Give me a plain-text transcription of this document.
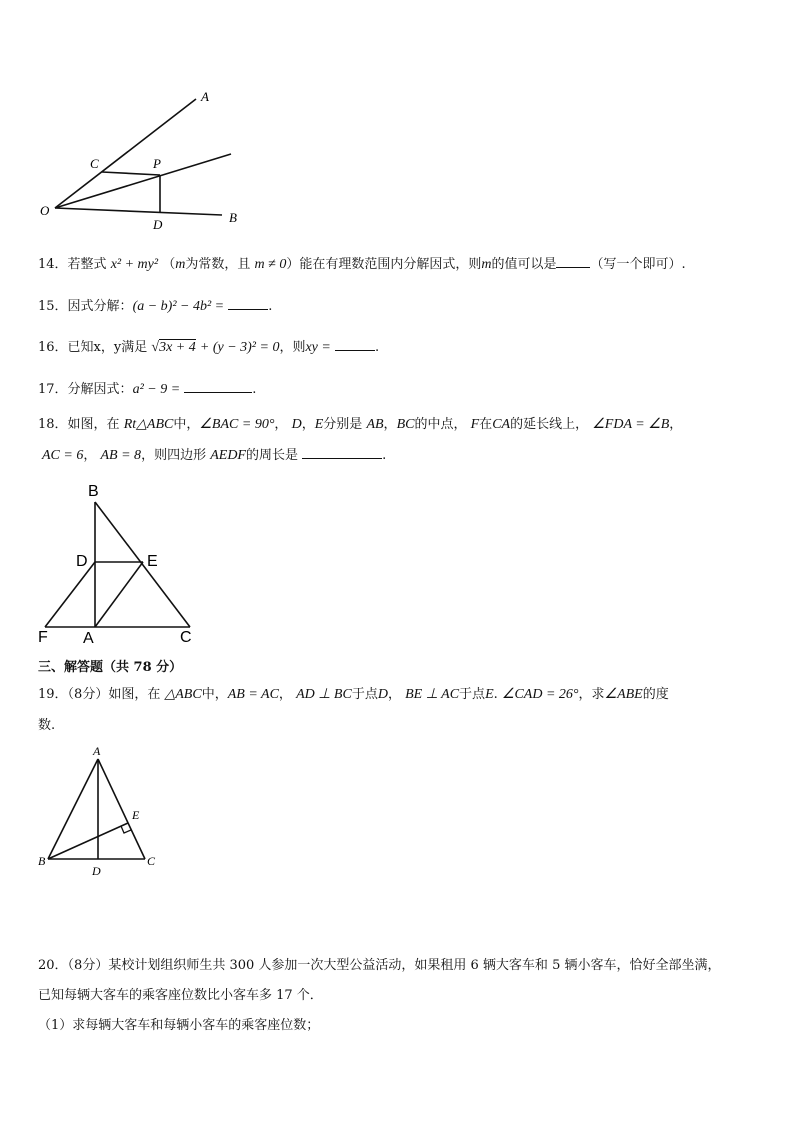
A
C	P
O
D	B
14．若整式 x² + my² （m为常数，且 m ≠ 0）能在有理数范围内分解因式，则m的值可以是	（写一个即可）.
15．因式分解：(a − b)² − 4b² =	.
16．已知x，y满足 √3x + 4 + (y − 3)² = 0，则xy =	.
17．分解因式：a² − 9 =	.
18．如图，在 Rt△ABC中，∠BAC = 90°， D，E分别是 AB，BC的中点， F在CA的延长线上， ∠FDA = ∠B，
AC = 6， AB = 8，则四边形 AEDF的周长是	.
B
D	E
F A	C
三、解答题（共 78 分）
19．（8分）如图，在 △ABC中，AB = AC， AD ⊥ BC于点D， BE ⊥ AC于点E. ∠CAD = 26°，求∠ABE的度
数.
A
E
B
D
C
20．（8分）某校计划组织师生共 300 人参加一次大型公益活动，如果租用 6 辆大客车和 5 辆小客车，恰好全部坐满，
已知每辆大客车的乘客座位数比小客车多 17 个．
（1）求每辆大客车和每辆小客车的乘客座位数；
